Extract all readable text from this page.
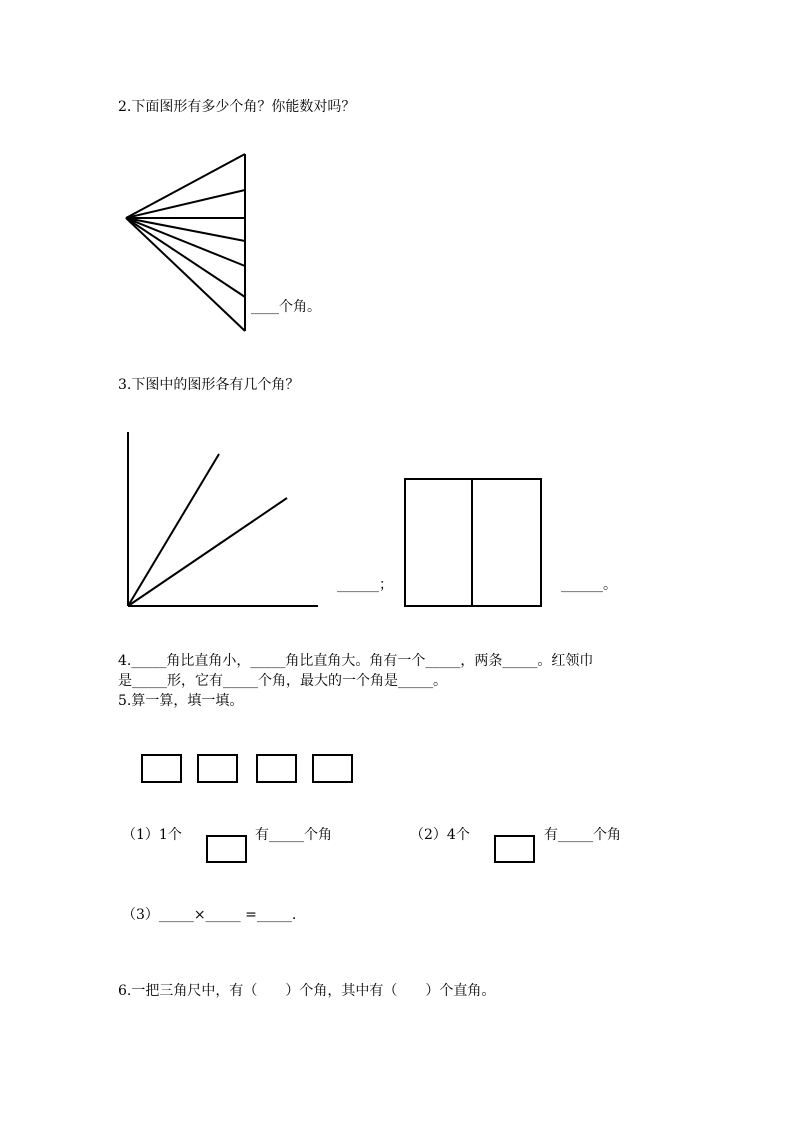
2.下面图形有多少个角？你能数对吗？
____个角。
3.下图中的图形各有几个角？
______；	______。
4._____角比直角小，_____角比直角大。角有一个_____，两条_____。红领巾
是_____形，它有_____个角，最大的一个角是_____。
5.算一算，填一填。
（1）1个	有_____个角	（2）4个	有_____个角
（3）_____×_____ =_____.
6.一把三角尺中，有（　　）个角，其中有（　　）个直角。
